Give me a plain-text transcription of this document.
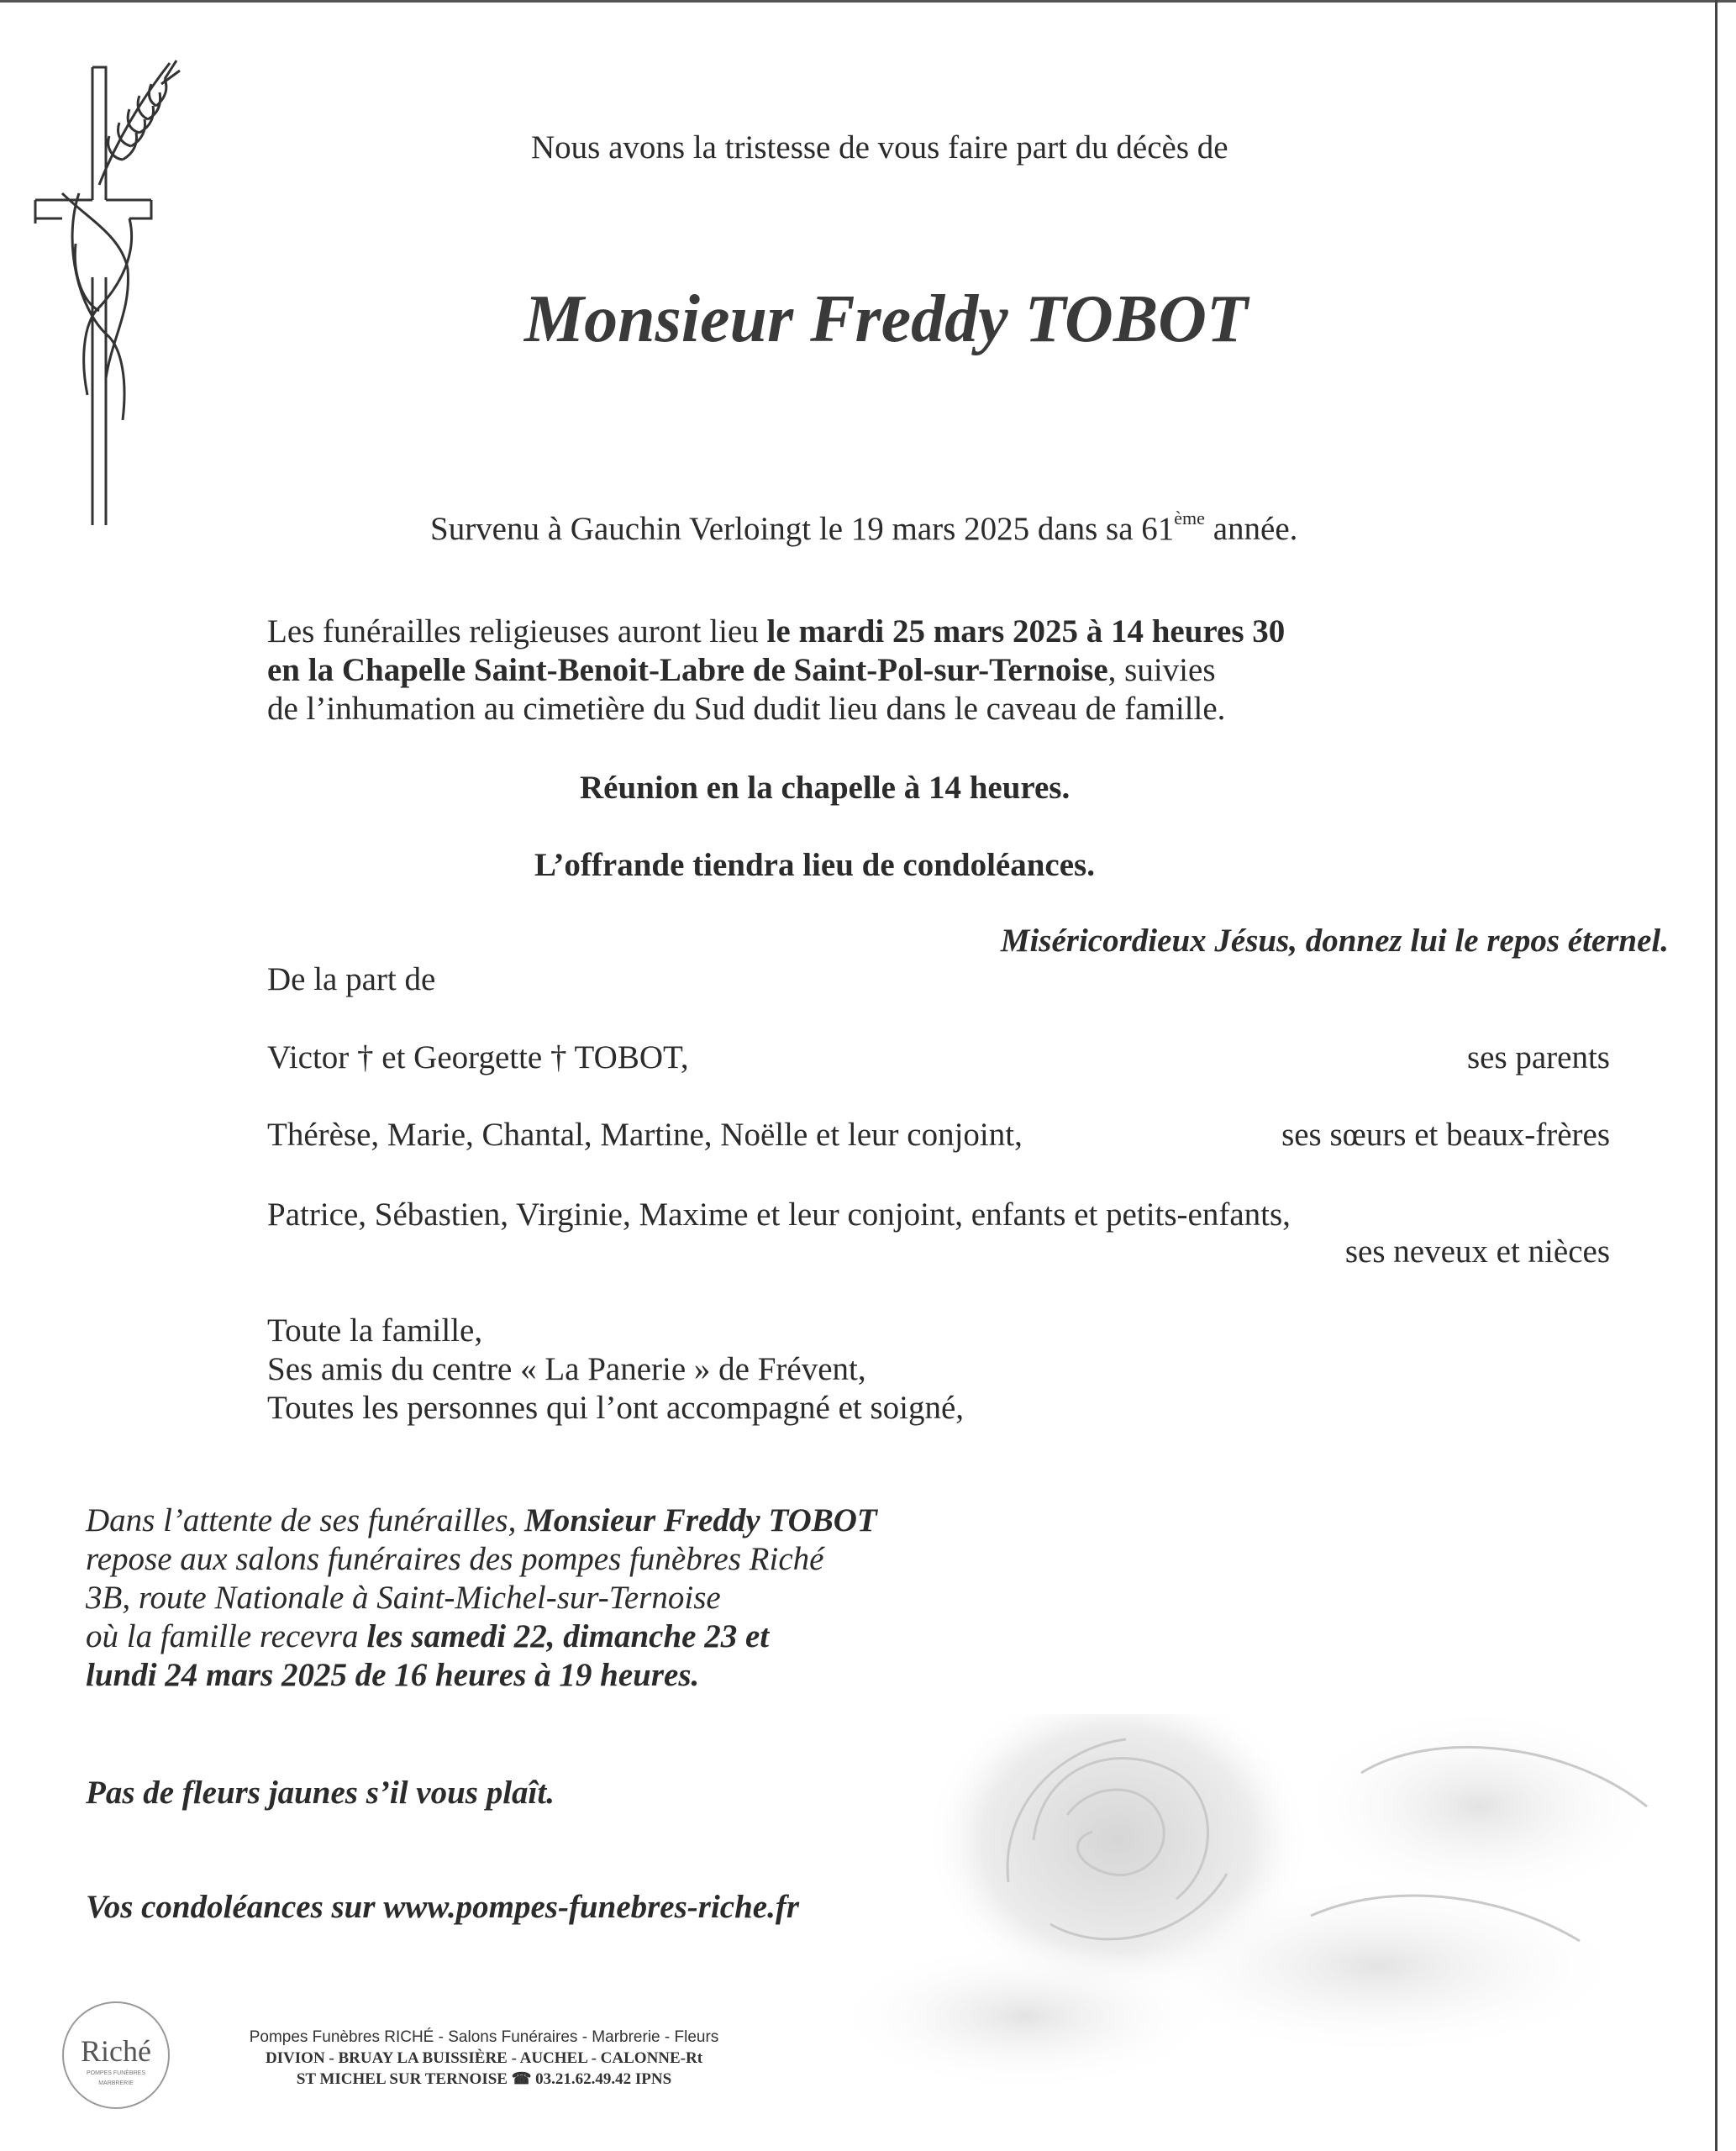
Nous avons la tristesse de vous faire part du décès de
Monsieur Freddy TOBOT
Survenu à Gauchin Verloingt le 19 mars 2025 dans sa 61ème année.
Les funérailles religieuses auront lieu le mardi 25 mars 2025 à 14 heures 30
en la Chapelle Saint-Benoit-Labre de Saint-Pol-sur-Ternoise, suivies
de l’inhumation au cimetière du Sud dudit lieu dans le caveau de famille.
Réunion en la chapelle à 14 heures.
L’offrande tiendra lieu de condoléances.
Miséricordieux Jésus, donnez lui le repos éternel.
De la part de
Victor † et Georgette † TOBOT,	ses parents
Thérèse, Marie, Chantal, Martine, Noëlle et leur conjoint,	ses sœurs et beaux-frères
Patrice, Sébastien, Virginie, Maxime et leur conjoint, enfants et petits-enfants,
ses neveux et nièces
Toute la famille,
Ses amis du centre « La Panerie » de Frévent,
Toutes les personnes qui l’ont accompagné et soigné,
Dans l’attente de ses funérailles, Monsieur Freddy TOBOT
repose aux salons funéraires des pompes funèbres Riché
3B, route Nationale à Saint-Michel-sur-Ternoise
où la famille recevra les samedi 22, dimanche 23 et
lundi 24 mars 2025 de 16 heures à 19 heures.
Pas de fleurs jaunes s’il vous plaît.
Vos condoléances sur www.pompes-funebres-riche.fr
Riché
POMPES FUNÈBRES
MARBRERIE
Pompes Funèbres RICHÉ - Salons Funéraires - Marbrerie - Fleurs
DIVION - BRUAY LA BUISSIÈRE - AUCHEL - CALONNE-Rt
ST MICHEL SUR TERNOISE ☎ 03.21.62.49.42 IPNS
